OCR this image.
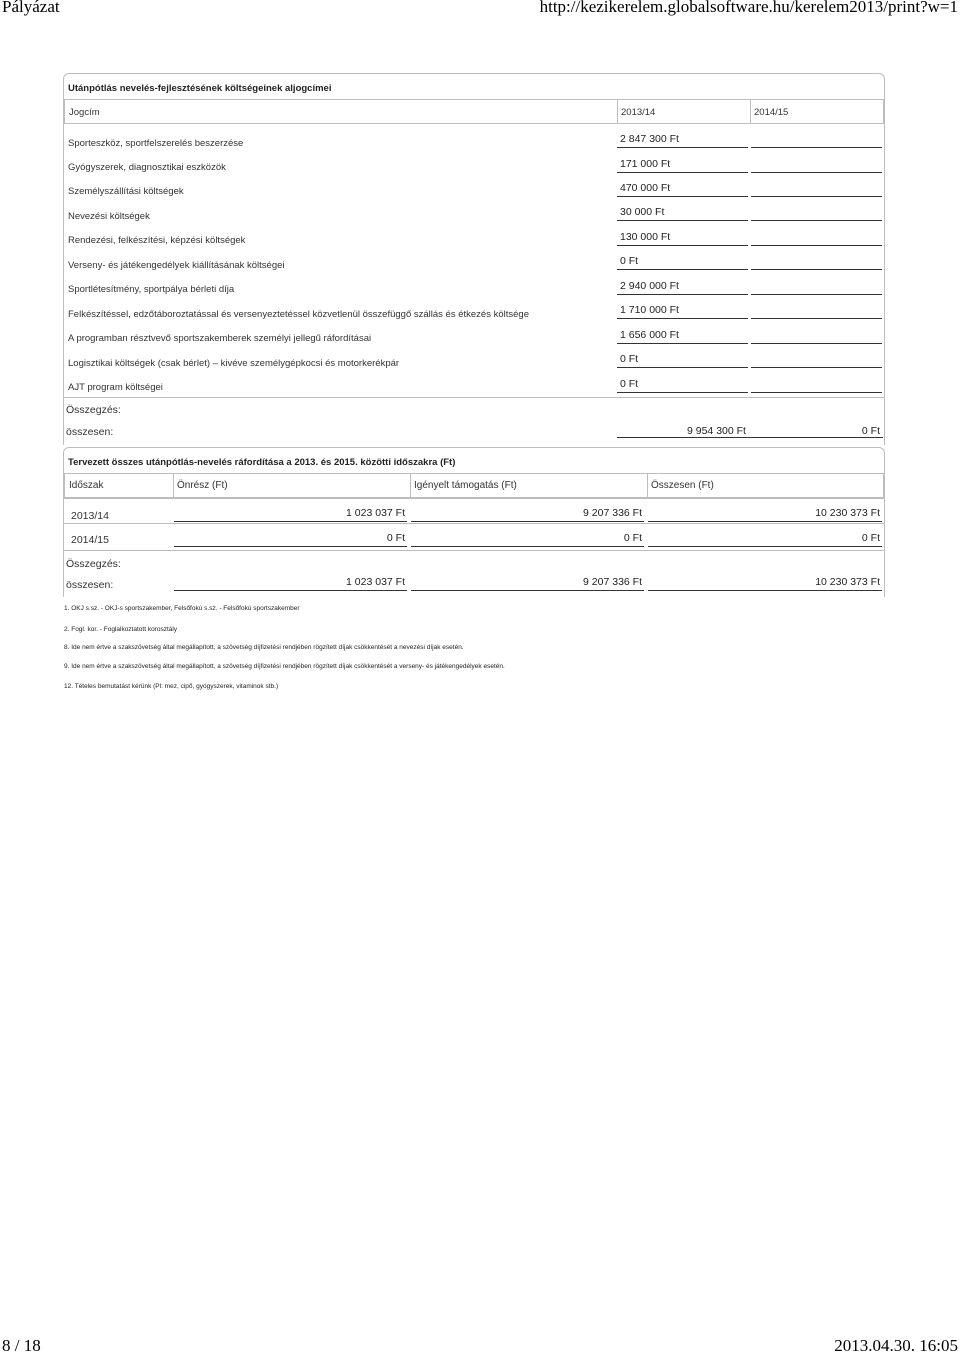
Pályázat	http://kezikerelem.globalsoftware.hu/kerelem2013/print?w=1
Utánpótlás nevelés-fejlesztésének költségeinek aljogcímei
Jogcím	2013/14	2014/15
Sporteszköz, sportfelszerelés beszerzése	2 847 300 Ft
Gyógyszerek, diagnosztikai eszközök	171 000 Ft
Személyszállítási költségek	470 000 Ft
Nevezési költségek	30 000 Ft
Rendezési, felkészítési, képzési költségek	130 000 Ft
Verseny- és játékengedélyek kiállításának költségei	0 Ft
Sportlétesítmény, sportpálya bérleti díja	2 940 000 Ft
Felkészítéssel, edzőtáboroztatással és versenyeztetéssel közvetlenül összefüggő szállás és étkezés költsége	1 710 000 Ft
A programban résztvevő sportszakemberek személyi jellegű ráfordításai	1 656 000 Ft
Logisztikai költségek (csak bérlet) – kivéve személygépkocsi és motorkerékpár	0 Ft
AJT program költségei	0 Ft
Összegzés:
összesen:	9 954 300 Ft	0 Ft
Tervezett összes utánpótlás-nevelés ráfordítása a 2013. és 2015. közötti időszakra (Ft)
Időszak	Önrész (Ft)	Igényelt támogatás (Ft)	Összesen (Ft)
2013/14	1 023 037 Ft	9 207 336 Ft	10 230 373 Ft
2014/15	0 Ft	0 Ft	0 Ft
Összegzés:
összesen:	1 023 037 Ft	9 207 336 Ft	10 230 373 Ft
1. OKJ s.sz. - OKJ-s sportszakember, Felsőfokú s.sz. - Felsőfokú sportszakember
2. Fogl. kor. - Foglalkoztatott korosztály
8. Ide nem értve a szakszövetség által megállapított, a szövetség díjfizetési rendjében rögzített díjak csökkentését a nevezési díjak esetén.
9. Ide nem értve a szakszövetség által megállapított, a szövetség díjfizetési rendjében rögzített díjak csökkentését a verseny- és játékengedélyek esetén.
12. Tételes bemutatást kérünk (Pl: mez, cipő, gyógyszerek, vitaminok stb.)
8 / 18	2013.04.30. 16:05
